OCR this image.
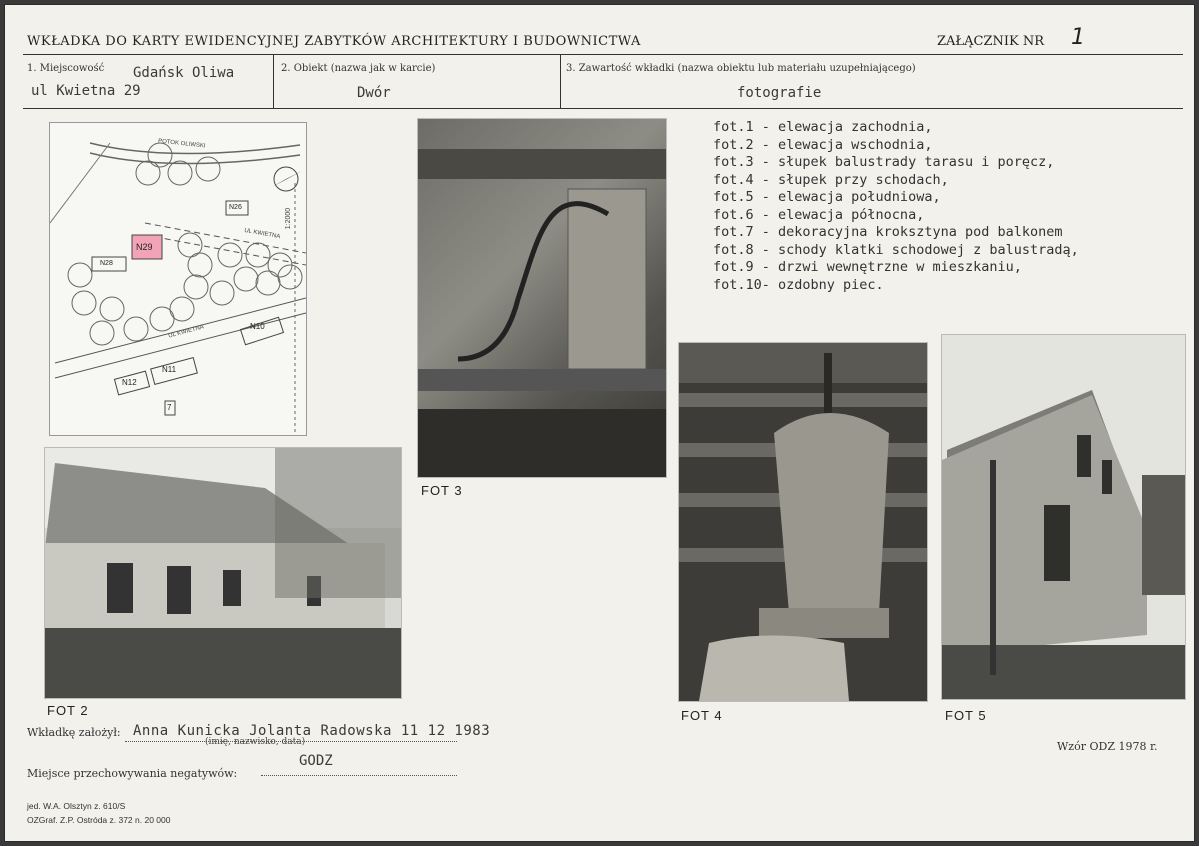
WKŁADKA DO KARTY EWIDENCYJNEJ ZABYTKÓW ARCHITEKTURY I BUDOWNICTWA	ZAŁĄCZNIK NR 1
1. Miejscowość Gdańsk Oliwa
ul Kwietna 29
2. Obiekt (nazwa jak w karcie)
Dwór
3. Zawartość wkładki (nazwa obiektu lub materiału uzupełniającego)
fotografie
POTOK OLIWSKI
UL KWIETNA
UL KWIETNA
1:2000
N29
N28
N26
N10
N11
N12
7
FOT 3
fot.1 - elewacja zachodnia,
fot.2 - elewacja wschodnia,
fot.3 - słupek balustrady tarasu i poręcz,
fot.4 - słupek przy schodach,
fot.5 - elewacja południowa,
fot.6 - elewacja północna,
fot.7 - dekoracyjna kroksztyna pod balkonem
fot.8 - schody klatki schodowej z balustradą,
fot.9 - drzwi wewnętrzne w mieszkaniu,
fot.10- ozdobny piec.
FOT 2	FOT 4	FOT 5
Wkładkę założył: Anna Kunicka Jolanta Radowska 11 12 1983
(imię, nazwisko, data)
Miejsce przechowywania negatywów:
GODZ
Wzór ODZ 1978 r.
jed. W.A. Olsztyn z. 610/S
OZGraf. Z.P. Ostróda z. 372 n. 20 000
